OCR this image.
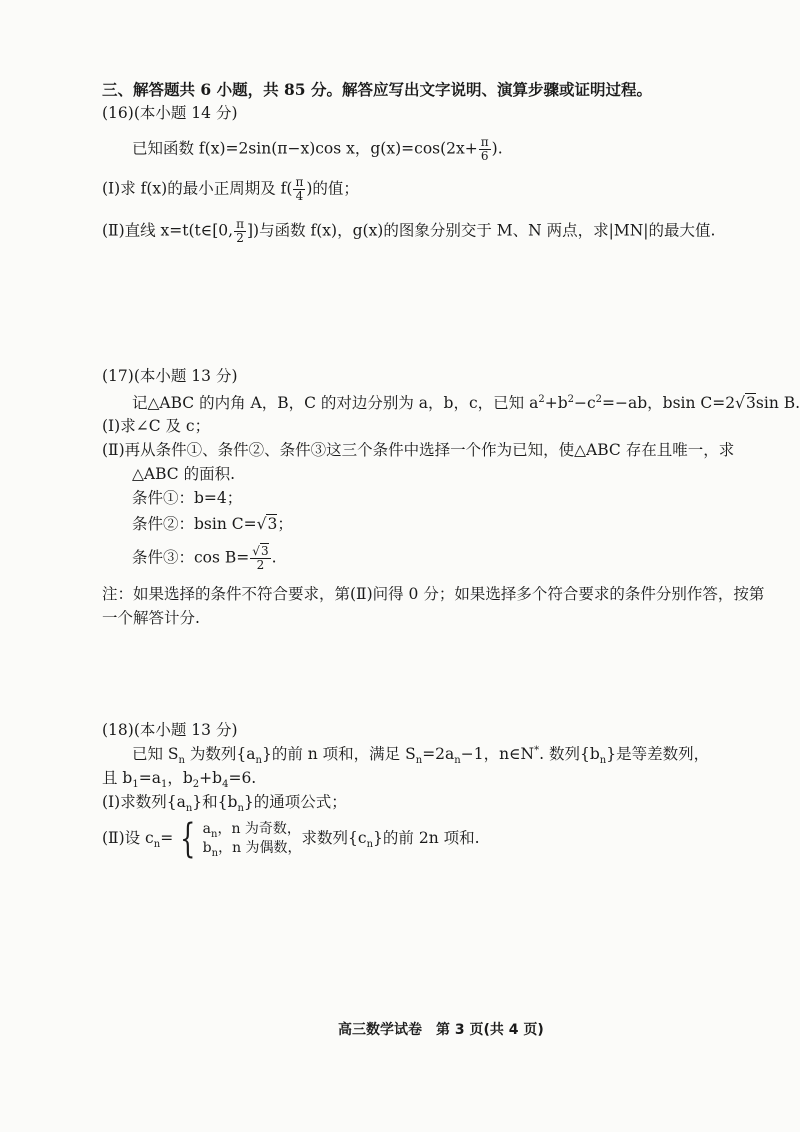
三、解答题共 6 小题，共 85 分。解答应写出文字说明、演算步骤或证明过程。
(16)(本小题 14 分)
已知函数 f(x)=2sin(π−x)cos x，$g(x)=\cos(2x+ \frac{\pi}{6}$ ).
(Ⅰ)求 f(x)的最小正周期及 $f( \frac{\pi}{4}$ )的值；
(Ⅱ)直线 x=t(t∈[0, $\frac{\pi}{2}$ ])与函数 f(x)，g(x)的图象分别交于 M、N 两点，求|MN|的最大值.
(17)(本小题 13 分)
记△ABC 的内角 A，B，C 的对边分别为 a，b，c，已知 $a^2+b^2-c^2=-ab$，bsin C=2√3sin B.
(Ⅰ)求∠C 及 c；
(Ⅱ)再从条件①、条件②、条件③这三个条件中选择一个作为已知，使△ABC 存在且唯一，求
△ABC 的面积.
条件①：b=4；
条件②：bsin C=√3；
条件③：$\cos B= \frac{√3}{2}$ .
注：如果选择的条件不符合要求，第(Ⅱ)问得 0 分；如果选择多个符合要求的条件分别作答，按第
一个解答计分.
(18)(本小题 13 分)
已知 $S_n$ 为数列$\{a_n\}$的前 n 项和，满足 $S_n=2a_n-1$，n∈N*. 数列$\{b_n\}$是等差数列，
且 $b_1=a_1$，$b_2+b_4=6$.
(Ⅰ)求数列$\{a_n\}$和$\{b_n\}$的通项公式；
(Ⅱ)设 $c_n=$ { $a_n$，n 为奇数，
$b_n$，n 为偶数，
求数列$\{c_n\}$的前 2n 项和.
高三数学试卷　第 3 页(共 4 页)
